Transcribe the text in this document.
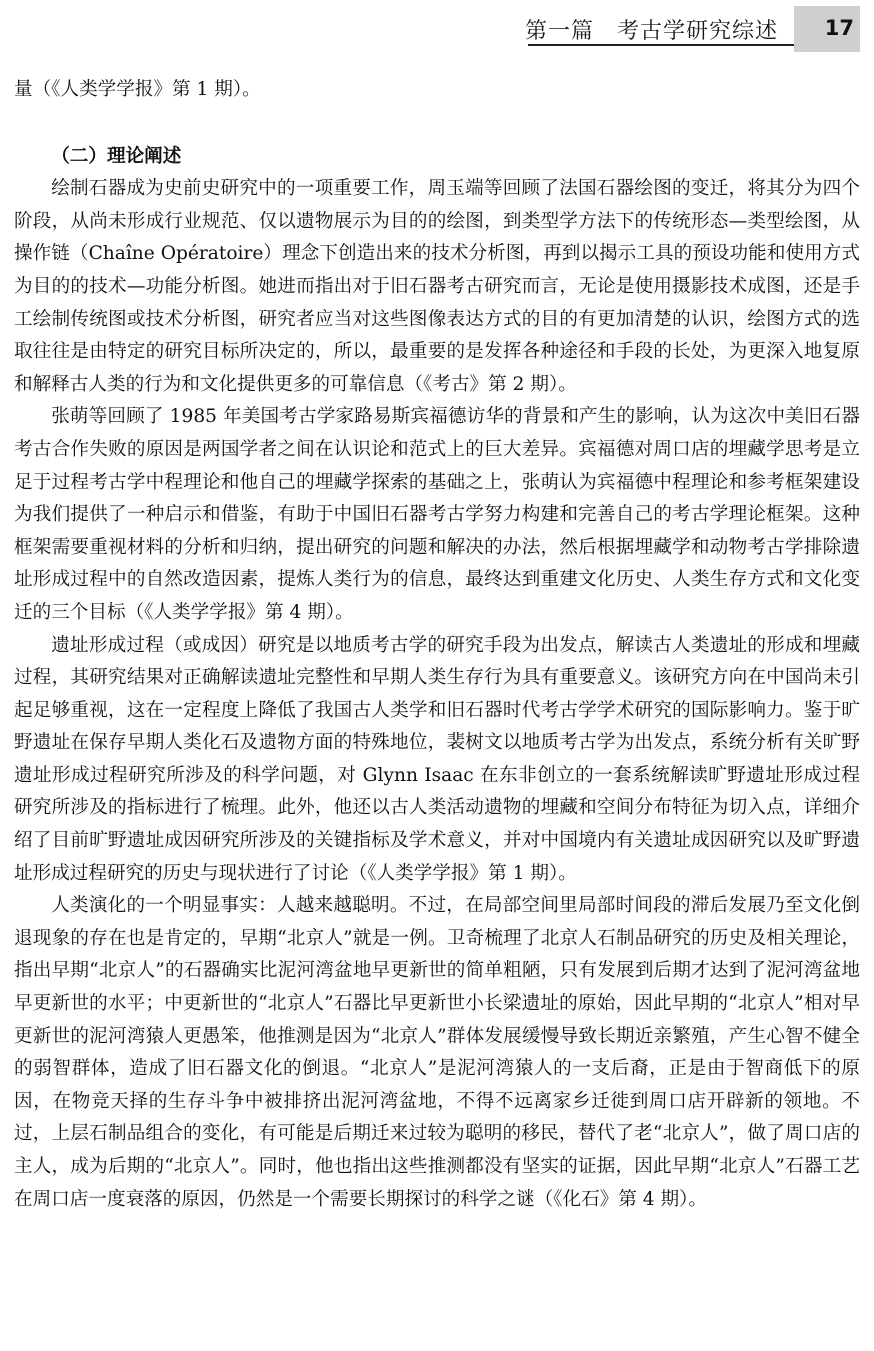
第一篇　考古学研究综述 17

量（《人类学学报》第 1 期）。

（二）理论阐述

绘制石器成为史前史研究中的一项重要工作，周玉端等回顾了法国石器绘图的变迁，将其分为四个阶段，从尚未形成行业规范、仅以遗物展示为目的的绘图，到类型学方法下的传统形态—类型绘图，从操作链（Chaîne Opératoire）理念下创造出来的技术分析图，再到以揭示工具的预设功能和使用方式为目的的技术—功能分析图。她进而指出对于旧石器考古研究而言，无论是使用摄影技术成图，还是手工绘制传统图或技术分析图，研究者应当对这些图像表达方式的目的有更加清楚的认识，绘图方式的选取往往是由特定的研究目标所决定的，所以，最重要的是发挥各种途径和手段的长处，为更深入地复原和解释古人类的行为和文化提供更多的可靠信息（《考古》第 2 期）。

张萌等回顾了 1985 年美国考古学家路易斯宾福德访华的背景和产生的影响，认为这次中美旧石器考古合作失败的原因是两国学者之间在认识论和范式上的巨大差异。宾福德对周口店的埋藏学思考是立足于过程考古学中程理论和他自己的埋藏学探索的基础之上，张萌认为宾福德中程理论和参考框架建设为我们提供了一种启示和借鉴，有助于中国旧石器考古学努力构建和完善自己的考古学理论框架。这种框架需要重视材料的分析和归纳，提出研究的问题和解决的办法，然后根据埋藏学和动物考古学排除遗址形成过程中的自然改造因素，提炼人类行为的信息，最终达到重建文化历史、人类生存方式和文化变迁的三个目标（《人类学学报》第 4 期）。

遗址形成过程（或成因）研究是以地质考古学的研究手段为出发点，解读古人类遗址的形成和埋藏过程，其研究结果对正确解读遗址完整性和早期人类生存行为具有重要意义。该研究方向在中国尚未引起足够重视，这在一定程度上降低了我国古人类学和旧石器时代考古学学术研究的国际影响力。鉴于旷野遗址在保存早期人类化石及遗物方面的特殊地位，裴树文以地质考古学为出发点，系统分析有关旷野遗址形成过程研究所涉及的科学问题，对 Glynn Isaac 在东非创立的一套系统解读旷野遗址形成过程研究所涉及的指标进行了梳理。此外，他还以古人类活动遗物的埋藏和空间分布特征为切入点，详细介绍了目前旷野遗址成因研究所涉及的关键指标及学术意义，并对中国境内有关遗址成因研究以及旷野遗址形成过程研究的历史与现状进行了讨论（《人类学学报》第 1 期）。

人类演化的一个明显事实：人越来越聪明。不过，在局部空间里局部时间段的滞后发展乃至文化倒退现象的存在也是肯定的，早期“北京人”就是一例。卫奇梳理了北京人石制品研究的历史及相关理论，指出早期“北京人”的石器确实比泥河湾盆地早更新世的简单粗陋，只有发展到后期才达到了泥河湾盆地早更新世的水平；中更新世的“北京人”石器比早更新世小长梁遗址的原始，因此早期的“北京人”相对早更新世的泥河湾猿人更愚笨，他推测是因为“北京人”群体发展缓慢导致长期近亲繁殖，产生心智不健全的弱智群体，造成了旧石器文化的倒退。“北京人”是泥河湾猿人的一支后裔，正是由于智商低下的原因，在物竞天择的生存斗争中被排挤出泥河湾盆地，不得不远离家乡迁徙到周口店开辟新的领地。不过，上层石制品组合的变化，有可能是后期迁来过较为聪明的移民，替代了老“北京人”，做了周口店的主人，成为后期的“北京人”。同时，他也指出这些推测都没有坚实的证据，因此早期“北京人”石器工艺在周口店一度衰落的原因，仍然是一个需要长期探讨的科学之谜（《化石》第 4 期）。
